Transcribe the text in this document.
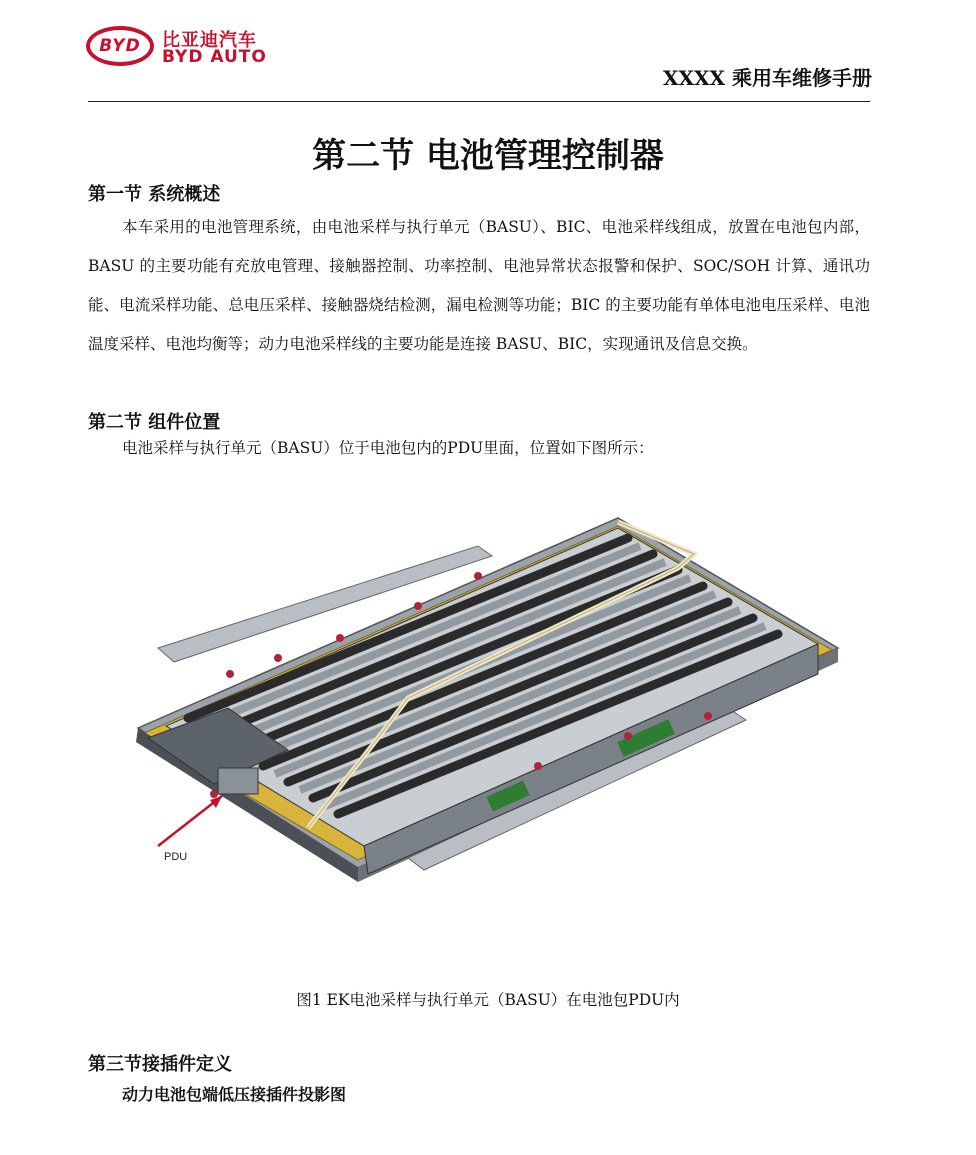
BYD 比亚迪汽车
BYD AUTO
XXXX 乘用车维修手册
第二节 电池管理控制器
第一节 系统概述
本车采用的电池管理系统，由电池采样与执行单元（BASU）、BIC、电池采样线组成，放置在电池包内部，BASU 的主要功能有充放电管理、接触器控制、功率控制、电池异常状态报警和保护、SOC/SOH 计算、通讯功能、电流采样功能、总电压采样、接触器烧结检测，漏电检测等功能；BIC 的主要功能有单体电池电压采样、电池温度采样、电池均衡等；动力电池采样线的主要功能是连接 BASU、BIC，实现通讯及信息交换。
第二节 组件位置
电池采样与执行单元（BASU）位于电池包内的PDU里面，位置如下图所示：
PDU
图1 EK电池采样与执行单元（BASU）在电池包PDU内
第三节接插件定义
动力电池包端低压接插件投影图
